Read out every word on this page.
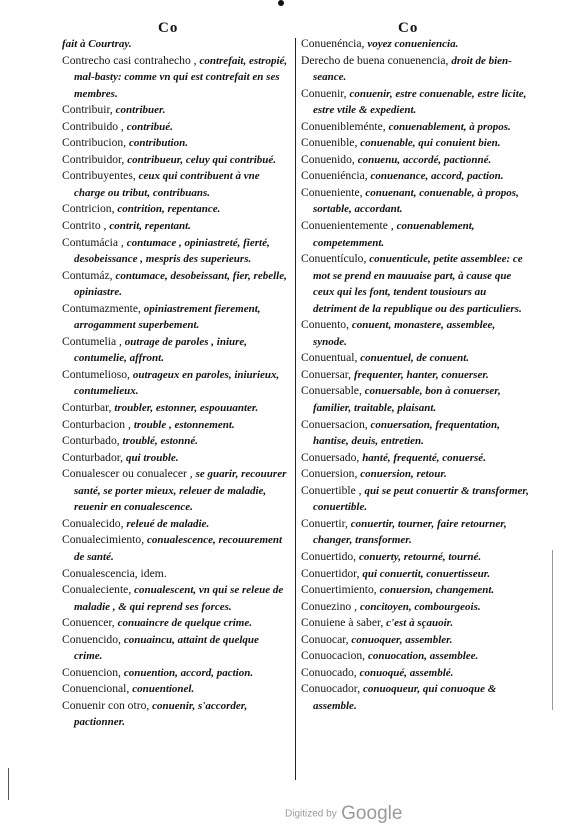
Co	Co

fait à Courtray.

Contrecho casi contrahecho , contrefait, estropié, mal-basty: comme vn qui est contrefait en ses membres.

Contribuir, contribuer.

Contribuido , contribué.

Contribucion, contribution.

Contribuidor, contribueur, celuy qui contribué.

Contribuyentes, ceux qui contribuent à vne charge ou tribut, contribuans.

Contricion, contrition, repentance.

Contrito , contrit, repentant.

Contumácia , contumace , opiniastreté, fierté, desobeissance , mespris des superieurs.

Contumáz, contumace, desobeissant, fier, rebelle, opiniastre.

Contumazmente, opiniastrement fierement, arrogamment superbement.

Contumelia , outrage de paroles , iniure, contumelie, affront.

Contumelioso, outrageux en paroles, iniurieux, contumelieux.

Conturbar, troubler, estonner, espouuanter.

Conturbacion , trouble , estonnement.

Conturbado, troublé, estonné.

Conturbador, qui trouble.

Conualescer ou conualecer , se guarir, recouurer santé, se porter mieux, releuer de maladie, reuenir en conualescence.

Conualecido, releué de maladie.

Conualecimiento, conualescence, recouurement de santé.

Conualescencia, idem.

Conualeciente, conualescent, vn qui se releue de maladie , & qui reprend ses forces.

Conuencer, conuaincre de quelque crime.

Conuencido, conuaincu, attaint de quelque crime.

Conuencion, conuention, accord, paction.

Conuencional, conuentionel.

Conuenir con otro, conuenir, s'accorder, pactionner.

Conuenéncia, voyez conueniencia.

Derecho de buena conuenencia, droit de bien-seance.

Conuenir, conuenir, estre conuenable, estre licite, estre vtile & expedient.

Conuenibleménte, conuenablement, à propos.

Conuenible, conuenable, qui conuient bien.

Conuenido, conuenu, accordé, pactionné.

Conueniéncia, conuenance, accord, paction.

Conueniente, conuenant, conuenable, à propos, sortable, accordant.

Conuenientemente , conuenablement, competemment.

Conuentículo, conuenticule, petite assemblee: ce mot se prend en mauuaise part, à cause que ceux qui les font, tendent tousiours au detriment de la republique ou des particuliers.

Conuento, conuent, monastere, assemblee, synode.

Conuentual, conuentuel, de conuent.

Conuersar, frequenter, hanter, conuerser.

Conuersable, conuersable, bon à conuerser, familier, traitable, plaisant.

Conuersacion, conuersation, frequentation, hantise, deuis, entretien.

Conuersado, hanté, frequenté, conuersé.

Conuersion, conuersion, retour.

Conuertible , qui se peut conuertir & transformer, conuertible.

Conuertir, conuertir, tourner, faire retourner, changer, transformer.

Conuertido, conuerty, retourné, tourné.

Conuertidor, qui conuertit, conuertisseur.

Conuertimiento, conuersion, changement.

Conuezino , concitoyen, combourgeois.

Conuiene à saber, c'est à sçauoir.

Conuocar, conuoquer, assembler.

Conuocacion, conuocation, assemblee.

Conuocado, conuoqué, assemblé.

Conuocador, conuoqueur, qui conuoque & assemble.

Digitized by Google
